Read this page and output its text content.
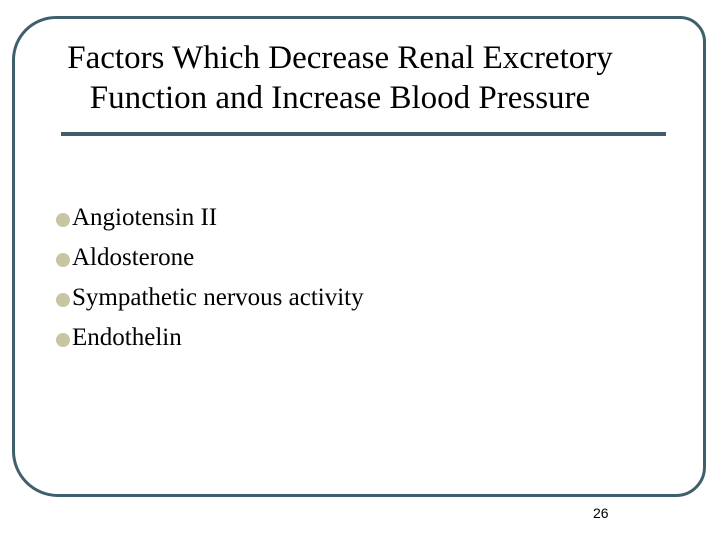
Factors Which Decrease Renal Excretory
Function and Increase Blood Pressure
Angiotensin II
Aldosterone
Sympathetic nervous activity
Endothelin
26
